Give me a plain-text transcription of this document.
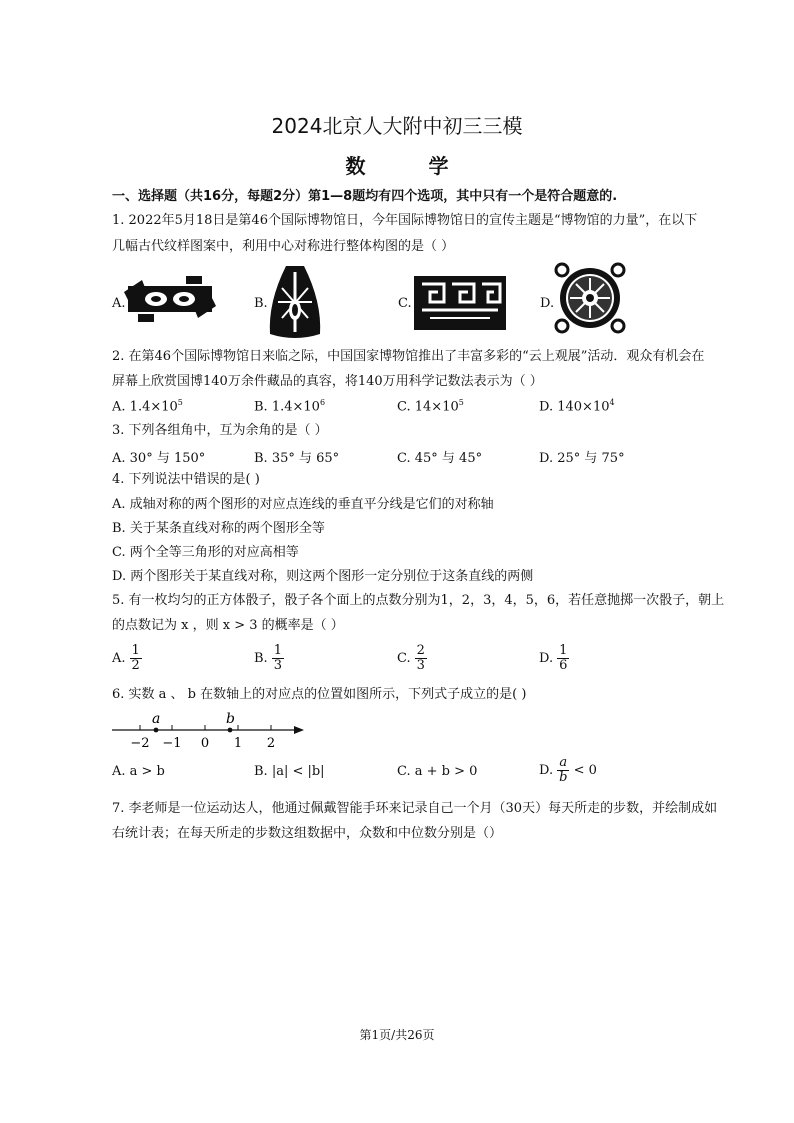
2024北京人大附中初三三模
数 学
一、选择题（共16分，每题2分）第1—8题均有四个选项，其中只有一个是符合题意的.
1. 2022年5月18日是第46个国际博物馆日，今年国际博物馆日的宣传主题是“博物馆的力量”，在以下
几幅古代纹样图案中，利用中心对称进行整体构图的是（ ）
A.	B.	C.	D.
2. 在第46个国际博物馆日来临之际，中国国家博物馆推出了丰富多彩的“云上观展”活动．观众有机会在
屏幕上欣赏国博140万余件藏品的真容，将140万用科学记数法表示为（ ）
A. $1.4\times 10^5$	B. $1.4\times 10^6$	C. $14\times 10^5$	D. $140\times 10^4$
3. 下列各组角中，互为余角的是（ ）
A. 30° 与 150°	B. 35° 与 65°	C. 45° 与 45°	D. 25° 与 75°
4. 下列说法中错误的是( )
A. 成轴对称的两个图形的对应点连线的垂直平分线是它们的对称轴
B. 关于某条直线对称的两个图形全等
C. 两个全等三角形的对应高相等
D. 两个图形关于某直线对称，则这两个图形一定分别位于这条直线的两侧
5. 有一枚均匀的正方体骰子，骰子各个面上的点数分别为1，2，3，4，5，6，若任意抛掷一次骰子，朝上
的点数记为 x ，则 x > 3 的概率是（ ）
A. $\frac{1}{2}$	B. $\frac{1}{3}$	C. $\frac{2}{3}$	D. $\frac{1}{6}$
6. 实数 a 、 b 在数轴上的对应点的位置如图所示，下列式子成立的是( )
a	b
−2 −1 0 1 2
A. a > b	B. |a| < |b|	C. a + b > 0	D. $\frac{a}{b} < 0$
7. 李老师是一位运动达人，他通过佩戴智能手环来记录自己一个月（30天）每天所走的步数，并绘制成如
右统计表；在每天所走的步数这组数据中，众数和中位数分别是（）
第1页/共26页
